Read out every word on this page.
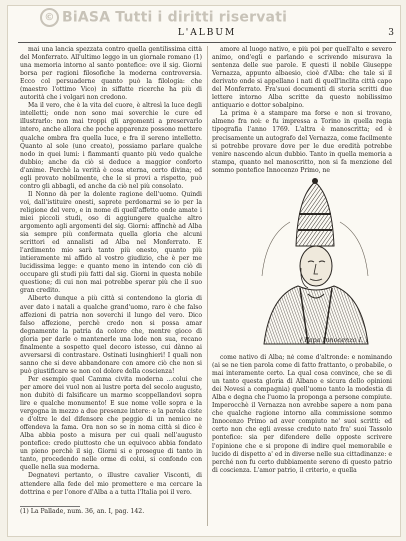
© BiASA Tutti i diritti riservati
L'ALBUM	3

mai una lancia spezzata contro quella gentilissima città del Monferrato. All'ultimo leggo in un giornale romano (1) una memoria intorno al santo pontefice: ove il sig. Giorni borsa per ragioni filosofiche la moderna controversia. Ecco col persuaderne quanto può la filologia: che (maestro l'ottimo Vico) in siffatte ricerche ha più di autorità che i volgari non credono.

Ma il vero, che è la vita del cuore, è altresì la luce degli intelletti; onde non sono mai soverchie le cure ed illustrarlo: non mai troppi gli argomenti a preservarlo intero, anche allora che poche apparenze possono mettere qualche ombra fra quella luce, e fra il sereno intelletto. Quanto al sole (uno creato), possiamo parlare qualche nodo in quei lumi: i fiammanti quanto più vedo qualche dubbio; anche da ciò si deduce a maggior conforto d'anime. Perchè la verità è cosa eterna, certo divina; ed egli provato nobilmente, che le si provi a rispetto, può contro gli abbagli, ed anche da ciò nel più consolato.

Il Nonno dà per la dolente ragione dell'uomo. Quindi voi, dall'istituire onesti, saprete perdonarmi se io per la religione del vero, e in nome di quell'affetto onde amate i miei piccoli studi, oso di aggiungere qualche altro argomento agli argomenti del sig. Giorni: affinchè ad Alba sia sempre più confermata quella gloria che alcuni scrittori ed annalisti ad Alba nel Monferrato. E l'ardimento mio sarà tanto più onesto, quanto più intieramente mi affido al vostro giudizio, che è per me lucidissima legge: e quanto meno in intendo con ciò di occupare gli studi più fatti dal sig. Giorni in questa nobile questione; di cui non mai potrebbe sperar più che il suo gran credito.

Alberto dunque a più città si contendono la gloria di aver dato i natali a qualche grand'uomo, raro è che falso affezioni di patria non soverchi il lungo del vero. Dico falso affezione, perchè credo non si possa amar degnamente la patria da coloro che, mentre gioco di gloria per darle o mantenerle una lode non sua, recano finalmente a sospetto quel decoro istesso, cui dànno ai avversarsi di contrastare. Ostinati lusinghieri! I quali non sanno che si deve abbandonare con amore ciò che non si può giustificare se non col dolore della coscienza!

Per esempio quel Camma civita moderna ...colui che per amore dei vuol non ai lustre porta del secolo augusto, non dubitò di falsificare un marmo scoppellandovi sopra lire e qualche monumento! E sue nome volle sopra e la vergogna in mezzo a due presenze intere: e la parola ciste e d'oltre le del difensore che peggio di un nemico ne offendeva la fama. Ora non so se in noma città si dico è Alba abbia posto a misura per cui quali nell'augusto pontefice: credo piuttosto che un equivoco abbia fondato un pieno perchè il sig. Giorni si e prosegue di tanto in tanto, procedendo nelle orme di colui, si confondo con quelle nella sua moderna.

Degnatevi pertanto, o illustre cavalier Visconti, di attendere alla fede del mio promettere e ma cercare la dottrina e per l'onore d'Alba a a tutta l'Italia poi il vero.

(1) La Pallade, num. 36, an. I, pag. 142.

amore al luogo nativo, e più poi per quell'alto e severo animo, ond'egli e parlando e scrivendo misurava la sentenza delle sue parole. E questi il nobile Giuseppe Vernazza, appunto albaesio, cioè d'Alba: che tale si il derivato onde si appellano i nati di quell'inclita città capo del Monferrato. Fra'suoi documenti di storia scritti due lettere intorno Alba scritte da questo nobilissimo antiquario e dottor sobalpino.

La prima è a stampare ma forse e non si trovano, almeno fra noi: e fu impressa a Torino in quella regia tipografia l'anno 1769. L'altra è manoscritta; ed è precisamente un autografo del Vernazza, come facilmente si potrebbe provare dove per le due eredità potrebbe venire nascendo alcun dubbio. Tanto in quella memoria a stampa, quanto nel manoscritto, non si fa menzione del sommo pontefice Innocenzo Primo, ne

( Papa Innocenzo I. )

come nativo di Alba; né come d'altronde: e nominando (ai se ne tien parola come di fatto frattanto, o probabile, o mai interamente certo. La qual cosa convince, che se di un tanto questa gloria di Albano e sicura dello opinioni dei Novesi a compagnia) quell'uomo tanto la modestia di Alba e degna che l'uomo la proponga a persone compiute. Imperocchè il Vernazza non avrebbe sapere a nom pana che qualche ragione intorno alla commissione sommo Innocenzo Primo ad aver compiuto ne' suoi scritti: ed certo non che egli avesse creduto nato fra' suoi Tassolo pontefice: sia per difendere delle opposte scrivere l'opinione che e si propone di indire quel memorabile e lucido di dispetto a' ed in diverse nelle sua cittadinanze: e perché non fu certo dubbiamente sereno di questo patrio di coscienza. L'amor patrio, il criterio, e quella
